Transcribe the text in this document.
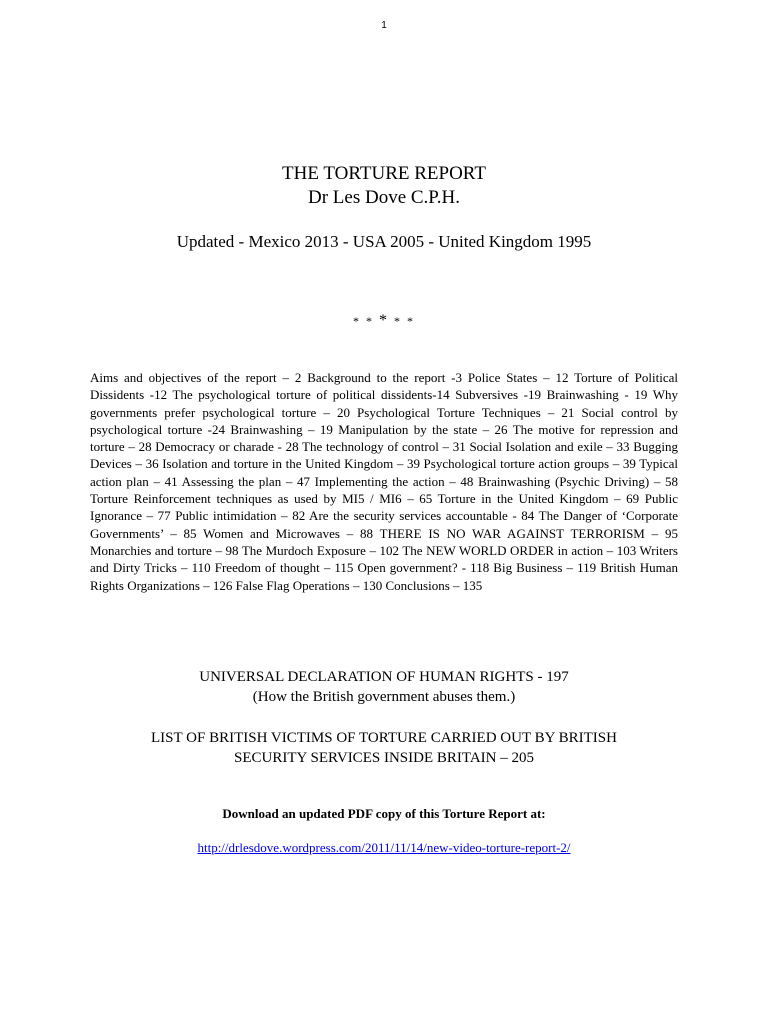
1
THE TORTURE REPORT
Dr Les Dove C.P.H.
Updated - Mexico 2013 - USA 2005 - United Kingdom 1995
* * * * *

Aims and objectives of the report – 2 Background to the report -3 Police States – 12 Torture of Political Dissidents -12 The psychological torture of political dissidents-14 Subversives -19 Brainwashing - 19 Why governments prefer psychological torture – 20 Psychological Torture Techniques – 21 Social control by psychological torture -24 Brainwashing – 19 Manipulation by the state – 26 The motive for repression and torture – 28 Democracy or charade - 28 The technology of control – 31 Social Isolation and exile – 33 Bugging Devices – 36 Isolation and torture in the United Kingdom – 39 Psychological torture action groups – 39 Typical action plan – 41 Assessing the plan – 47 Implementing the action – 48 Brainwashing (Psychic Driving) – 58 Torture Reinforcement techniques as used by MI5 / MI6 – 65 Torture in the United Kingdom – 69 Public Ignorance – 77 Public intimidation – 82 Are the security services accountable - 84 The Danger of ‘Corporate Governments’ – 85 Women and Microwaves – 88 THERE IS NO WAR AGAINST TERRORISM – 95 Monarchies and torture – 98 The Murdoch Exposure – 102 The NEW WORLD ORDER in action – 103 Writers and Dirty Tricks – 110 Freedom of thought – 115 Open government? - 118 Big Business – 119 British Human Rights Organizations – 126 False Flag Operations – 130 Conclusions – 135

UNIVERSAL DECLARATION OF HUMAN RIGHTS - 197
(How the British government abuses them.)
LIST OF BRITISH VICTIMS OF TORTURE CARRIED OUT BY BRITISH
SECURITY SERVICES INSIDE BRITAIN – 205
Download an updated PDF copy of this Torture Report at:
http://drlesdove.wordpress.com/2011/11/14/new-video-torture-report-2/
